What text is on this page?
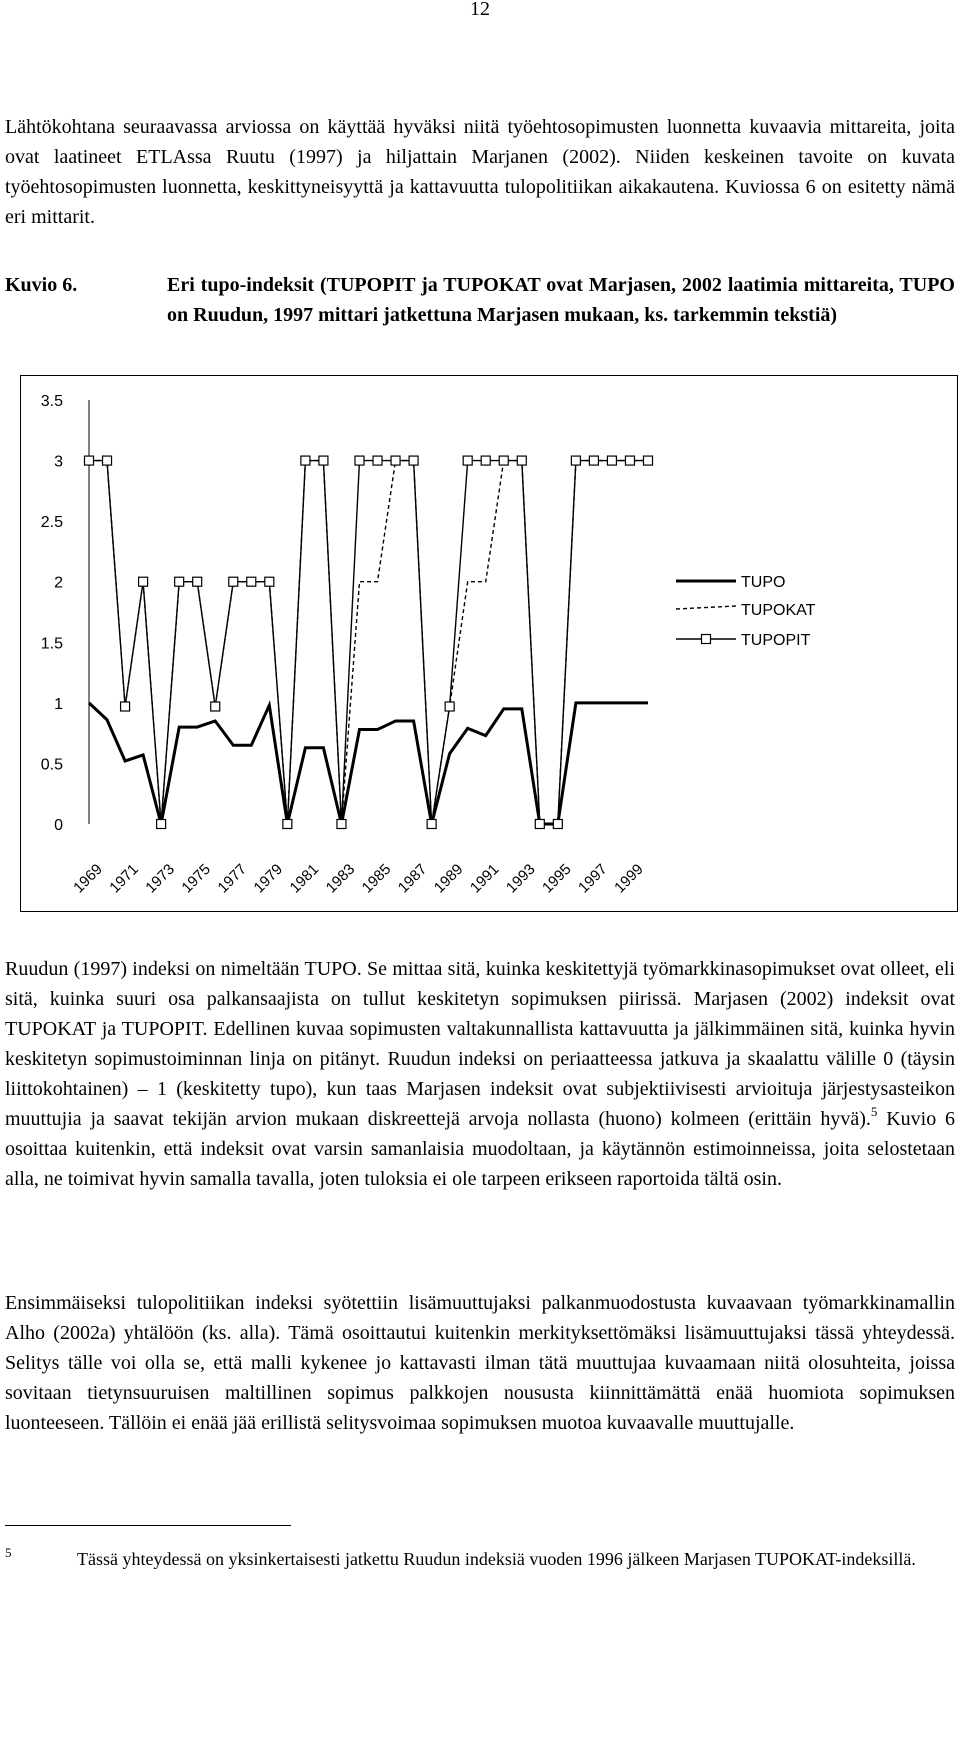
12

Lähtökohtana seuraavassa arviossa on käyttää hyväksi niitä työehtosopimusten luonnetta kuvaavia mittareita, joita ovat laatineet ETLAssa Ruutu (1997) ja hiljattain Marjanen (2002). Niiden keskeinen tavoite on kuvata työehtosopimusten luonnetta, keskittyneisyyttä ja kattavuutta tulopolitiikan aikakautena. Kuviossa 6 on esitetty nämä eri mittarit.

Kuvio 6.	Eri tupo-indeksit (TUPOPIT ja TUPOKAT ovat Marjasen, 2002 laatimia mittareita, TUPO on Ruudun, 1997 mittari jatkettuna Marjasen mukaan, ks. tarkemmin tekstiä)
3.5
3
2.5
2
1.5
1
0.5
0
1969 1971 1973 1975 1977 1979 1981 1983 1985 1987 1989 1991 1993 1995 1997 1999
TUPO
TUPOKAT
TUPOPIT

Ruudun (1997) indeksi on nimeltään TUPO. Se mittaa sitä, kuinka keskitettyjä työmarkkinasopimukset ovat olleet, eli sitä, kuinka suuri osa palkansaajista on tullut keskitetyn sopimuksen piirissä. Marjasen (2002) indeksit ovat TUPOKAT ja TUPOPIT. Edellinen kuvaa sopimusten valtakunnallista kattavuutta ja jälkimmäinen sitä, kuinka hyvin keskitetyn sopimustoiminnan linja on pitänyt. Ruudun indeksi on periaatteessa jatkuva ja skaalattu välille 0 (täysin liittokohtainen) – 1 (keskitetty tupo), kun taas Marjasen indeksit ovat subjektiivisesti arvioituja järjestysasteikon muuttujia ja saavat tekijän arvion mukaan diskreettejä arvoja nollasta (huono) kolmeen (erittäin hyvä).$^5$ Kuvio 6 osoittaa kuitenkin, että indeksit ovat varsin samanlaisia muodoltaan, ja käytännön estimoinneissa, joita selostetaan alla, ne toimivat hyvin samalla tavalla, joten tuloksia ei ole tarpeen erikseen raportoida tältä osin.

Ensimmäiseksi tulopolitiikan indeksi syötettiin lisämuuttujaksi palkanmuodostusta kuvaavaan työmarkkinamallin Alho (2002a) yhtälöön (ks. alla). Tämä osoittautui kuitenkin merkityksettömäksi lisämuuttujaksi tässä yhteydessä. Selitys tälle voi olla se, että malli kykenee jo kattavasti ilman tätä muuttujaa kuvaamaan niitä olosuhteita, joissa sovitaan tietynsuuruisen maltillinen sopimus palkkojen noususta kiinnittämättä enää huomiota sopimuksen luonteeseen. Tällöin ei enää jää erillistä selitysvoimaa sopimuksen muotoa kuvaavalle muuttujalle.

5	Tässä yhteydessä on yksinkertaisesti jatkettu Ruudun indeksiä vuoden 1996 jälkeen Marjasen TUPOKAT-indeksillä.
